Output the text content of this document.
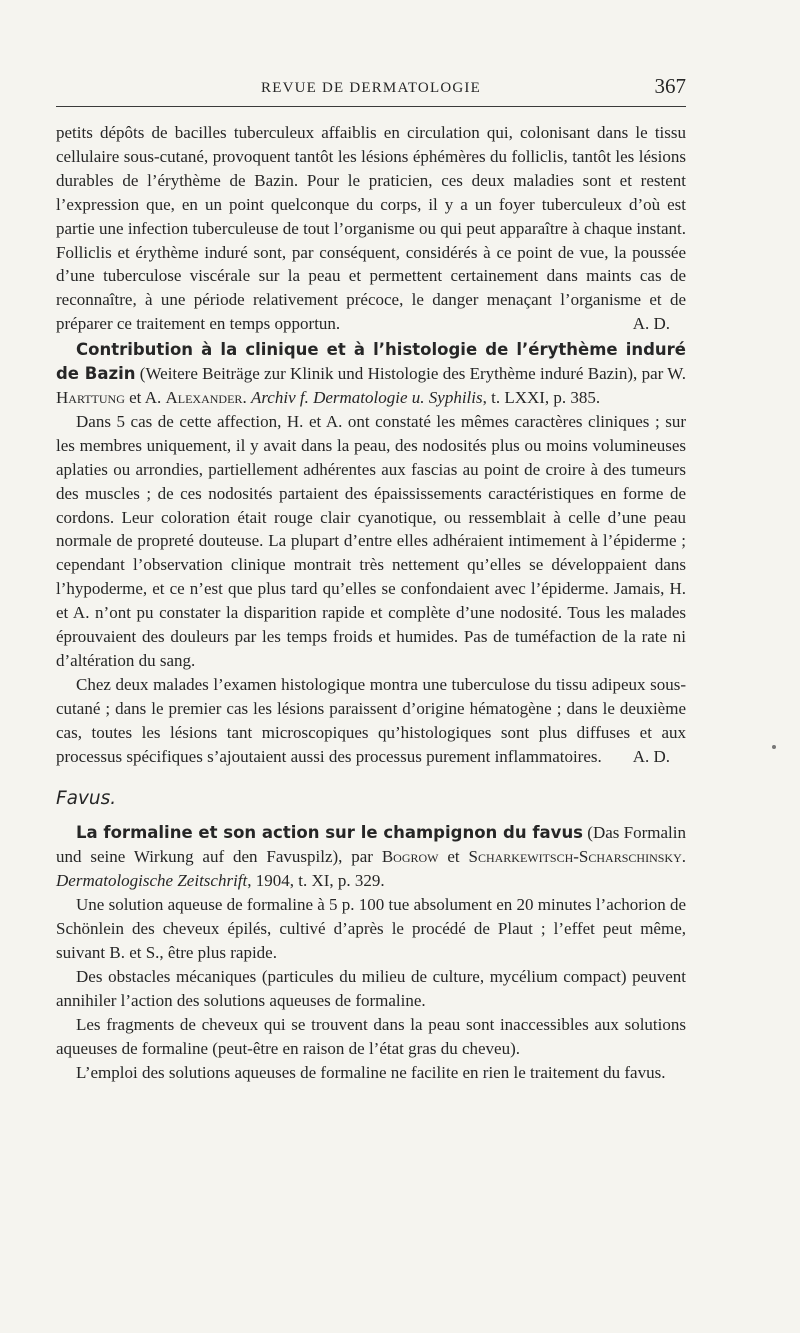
REVUE DE DERMATOLOGIE	367

petits dépôts de bacilles tuberculeux affaiblis en circulation qui, colonisant dans le tissu cellulaire sous-cutané, provoquent tantôt les lésions éphémères du folliclis, tantôt les lésions durables de l’érythème de Bazin. Pour le praticien, ces deux maladies sont et restent l’expression que, en un point quelconque du corps, il y a un foyer tuberculeux d’où est partie une infection tuberculeuse de tout l’organisme ou qui peut apparaître à chaque instant. Folliclis et érythème induré sont, par conséquent, considérés à ce point de vue, la poussée d’une tuberculose viscérale sur la peau et permettent certainement dans maints cas de reconnaître, à une période relativement précoce, le danger menaçant l’organisme et de préparer ce traitement en temps opportun.	A. D.

Contribution à la clinique et à l’histologie de l’érythème induré de Bazin (Weitere Beiträge zur Klinik und Histologie des Erythème induré Bazin), par W. Harttung et A. Alexander. Archiv f. Dermatologie u. Syphilis, t. LXXI, p. 385.

Dans 5 cas de cette affection, H. et A. ont constaté les mêmes caractères cliniques ; sur les membres uniquement, il y avait dans la peau, des nodosités plus ou moins volumineuses aplaties ou arrondies, partiellement adhérentes aux fascias au point de croire à des tumeurs des muscles ; de ces nodosités partaient des épaississements caractéristiques en forme de cordons. Leur coloration était rouge clair cyanotique, ou ressemblait à celle d’une peau normale de propreté douteuse. La plupart d’entre elles adhéraient intimement à l’épiderme ; cependant l’observation clinique montrait très nettement qu’elles se développaient dans l’hypoderme, et ce n’est que plus tard qu’elles se confondaient avec l’épiderme. Jamais, H. et A. n’ont pu constater la disparition rapide et complète d’une nodosité. Tous les malades éprouvaient des douleurs par les temps froids et humides. Pas de tuméfaction de la rate ni d’altération du sang.

Chez deux malades l’examen histologique montra une tuberculose du tissu adipeux sous-cutané ; dans le premier cas les lésions paraissent d’origine hématogène ; dans le deuxième cas, toutes les lésions tant microscopiques qu’histologiques sont plus diffuses et aux processus spécifiques s’ajoutaient aussi des processus purement inflammatoires.	A. D.

Favus.

La formaline et son action sur le champignon du favus (Das Formalin und seine Wirkung auf den Favuspilz), par Bogrow et Scharkewitsch-Scharschinsky. Dermatologische Zeitschrift, 1904, t. XI, p. 329.

Une solution aqueuse de formaline à 5 p. 100 tue absolument en 20 minutes l’achorion de Schönlein des cheveux épilés, cultivé d’après le procédé de Plaut ; l’effet peut même, suivant B. et S., être plus rapide.

Des obstacles mécaniques (particules du milieu de culture, mycélium compact) peuvent annihiler l’action des solutions aqueuses de formaline.

Les fragments de cheveux qui se trouvent dans la peau sont inaccessibles aux solutions aqueuses de formaline (peut-être en raison de l’état gras du cheveu).

L’emploi des solutions aqueuses de formaline ne facilite en rien le traitement du favus.
